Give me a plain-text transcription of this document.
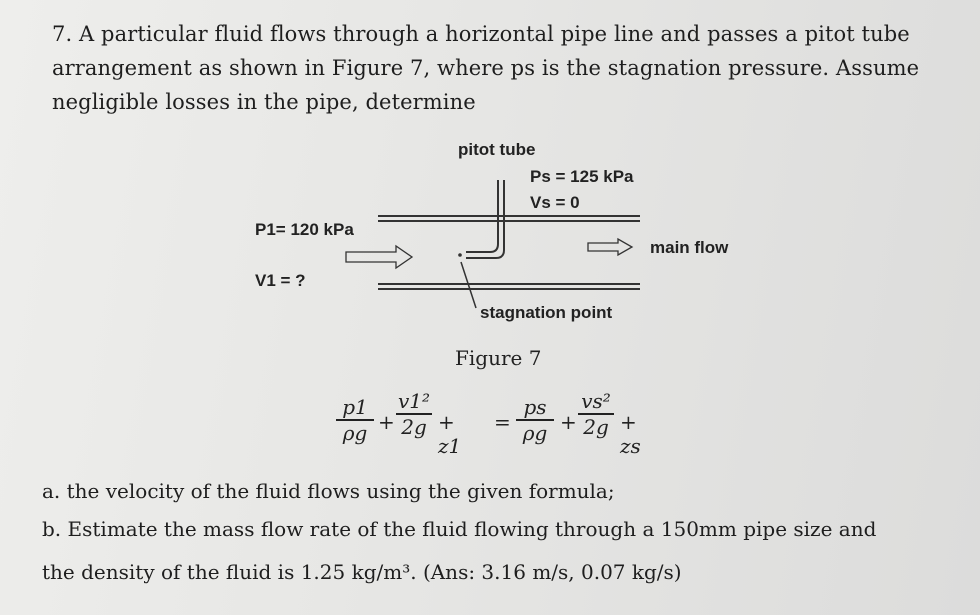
7. A particular fluid flows through a horizontal pipe line and passes a pitot tube
arrangement as shown in Figure 7, where ps is the stagnation pressure. Assume
negligible losses in the pipe, determine
pitot tube
Ps = 125 kPa
Vs = 0
P1= 120 kPa
V1 = ?
main flow
stagnation point
Figure 7
p1
ρg +
v1²
2g + z1
=
ps
ρg +
vs²
2g + zs
a. the velocity of the fluid flows using the given formula;
b. Estimate the mass flow rate of the fluid flowing through a 150mm pipe size and
the density of the fluid is 1.25 kg/m³. (Ans: 3.16 m/s, 0.07 kg/s)
